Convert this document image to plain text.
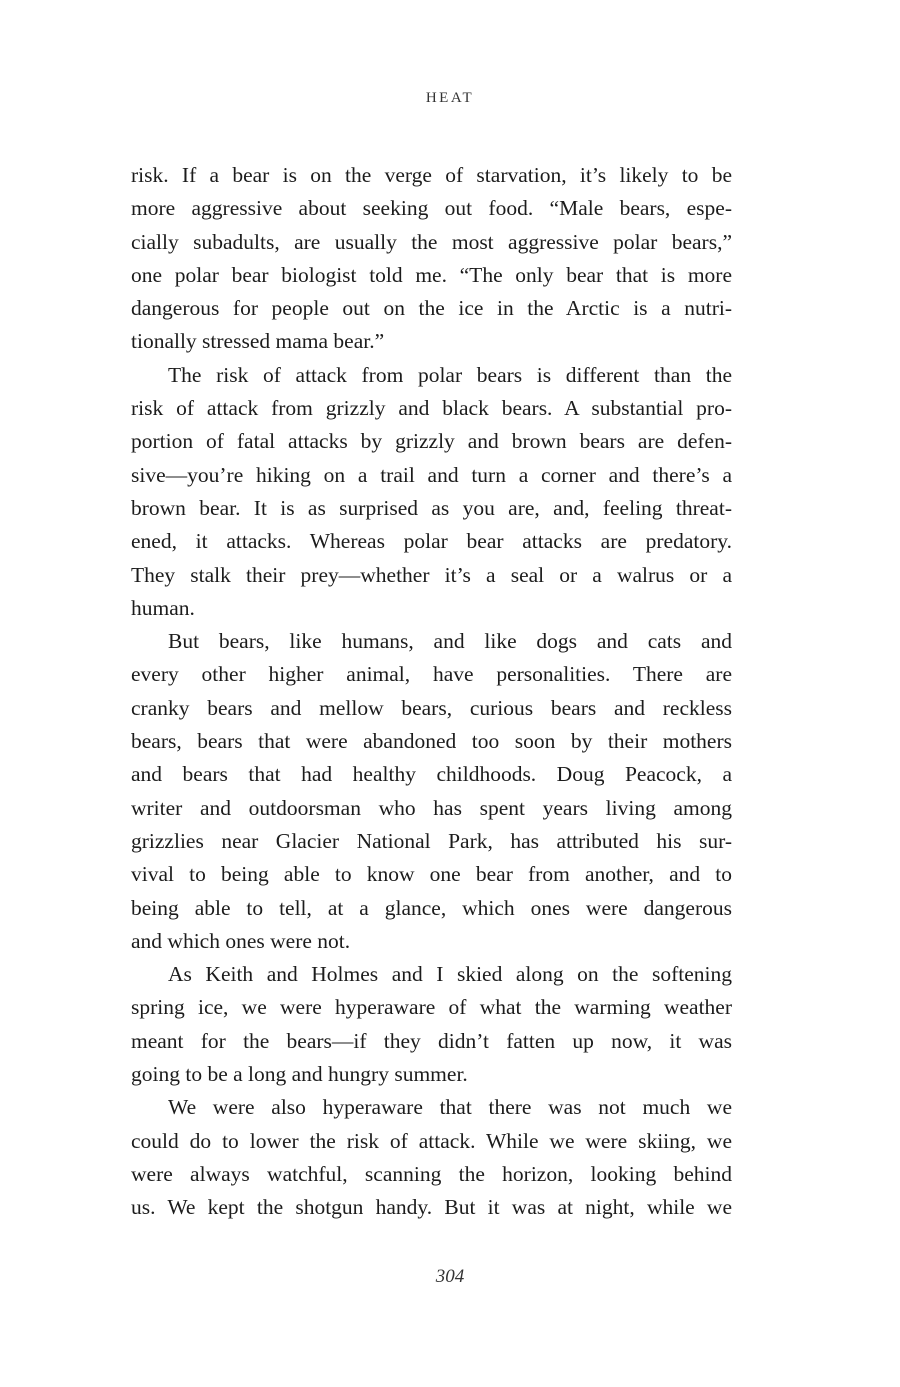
HEAT
risk. If a bear is on the verge of starvation, it’s likely to be
more aggressive about seeking out food. “Male bears, espe-
cially subadults, are usually the most aggressive polar bears,”
one polar bear biologist told me. “The only bear that is more
dangerous for people out on the ice in the Arctic is a nutri-
tionally stressed mama bear.”
The risk of attack from polar bears is different than the
risk of attack from grizzly and black bears. A substantial pro-
portion of fatal attacks by grizzly and brown bears are defen-
sive—you’re hiking on a trail and turn a corner and there’s a
brown bear. It is as surprised as you are, and, feeling threat-
ened, it attacks. Whereas polar bear attacks are predatory.
They stalk their prey—whether it’s a seal or a walrus or a
human.
But bears, like humans, and like dogs and cats and
every other higher animal, have personalities. There are
cranky bears and mellow bears, curious bears and reckless
bears, bears that were abandoned too soon by their mothers
and bears that had healthy childhoods. Doug Peacock, a
writer and outdoorsman who has spent years living among
grizzlies near Glacier National Park, has attributed his sur-
vival to being able to know one bear from another, and to
being able to tell, at a glance, which ones were dangerous
and which ones were not.
As Keith and Holmes and I skied along on the softening
spring ice, we were hyperaware of what the warming weather
meant for the bears—if they didn’t fatten up now, it was
going to be a long and hungry summer.
We were also hyperaware that there was not much we
could do to lower the risk of attack. While we were skiing, we
were always watchful, scanning the horizon, looking behind
us. We kept the shotgun handy. But it was at night, while we
304
